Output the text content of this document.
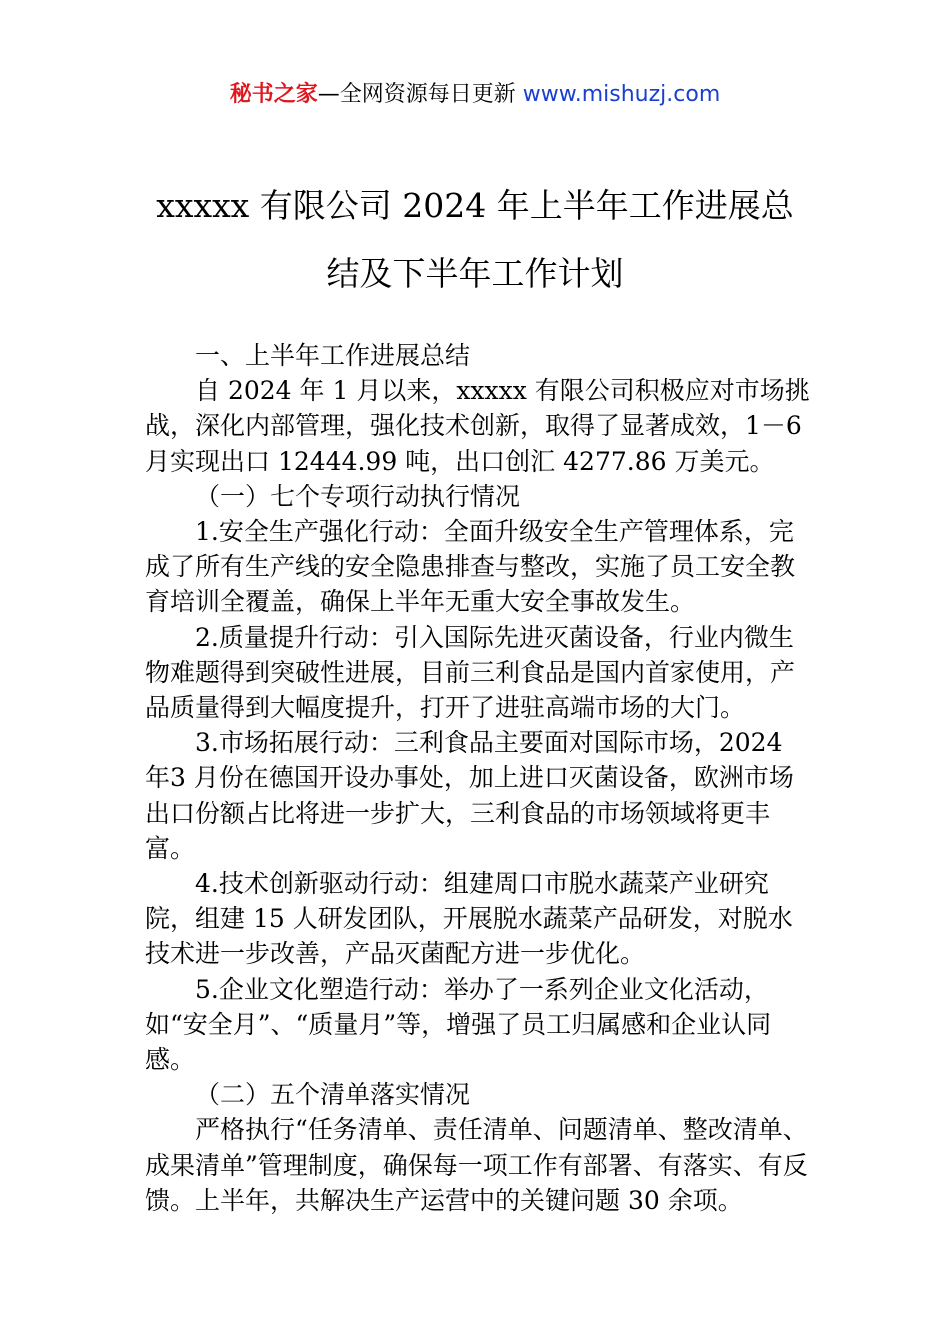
秘书之家—全网资源每日更新 www.mishuzj.com
xxxxx 有限公司 2024 年上半年工作进展总
结及下半年工作计划

一、上半年工作进展总结

自 2024 年 1 月以来，xxxxx 有限公司积极应对市场挑战，深化内部管理，强化技术创新，取得了显著成效，1－6月实现出口 12444.99 吨，出口创汇 4277.86 万美元。

（一）七个专项行动执行情况

1.安全生产强化行动：全面升级安全生产管理体系，完成了所有生产线的安全隐患排查与整改，实施了员工安全教育培训全覆盖，确保上半年无重大安全事故发生。

2.质量提升行动：引入国际先进灭菌设备，行业内微生物难题得到突破性进展，目前三利食品是国内首家使用，产品质量得到大幅度提升，打开了进驻高端市场的大门。

3.市场拓展行动：三利食品主要面对国际市场，2024 年3 月份在德国开设办事处，加上进口灭菌设备，欧洲市场出口份额占比将进一步扩大，三利食品的市场领域将更丰富。

4.技术创新驱动行动：组建周口市脱水蔬菜产业研究院，组建 15 人研发团队，开展脱水蔬菜产品研发，对脱水技术进一步改善，产品灭菌配方进一步优化。

5.企业文化塑造行动：举办了一系列企业文化活动，如“安全月”、“质量月”等，增强了员工归属感和企业认同感。

（二）五个清单落实情况

严格执行“任务清单、责任清单、问题清单、整改清单、成果清单”管理制度，确保每一项工作有部署、有落实、有反馈。上半年，共解决生产运营中的关键问题 30 余项。
